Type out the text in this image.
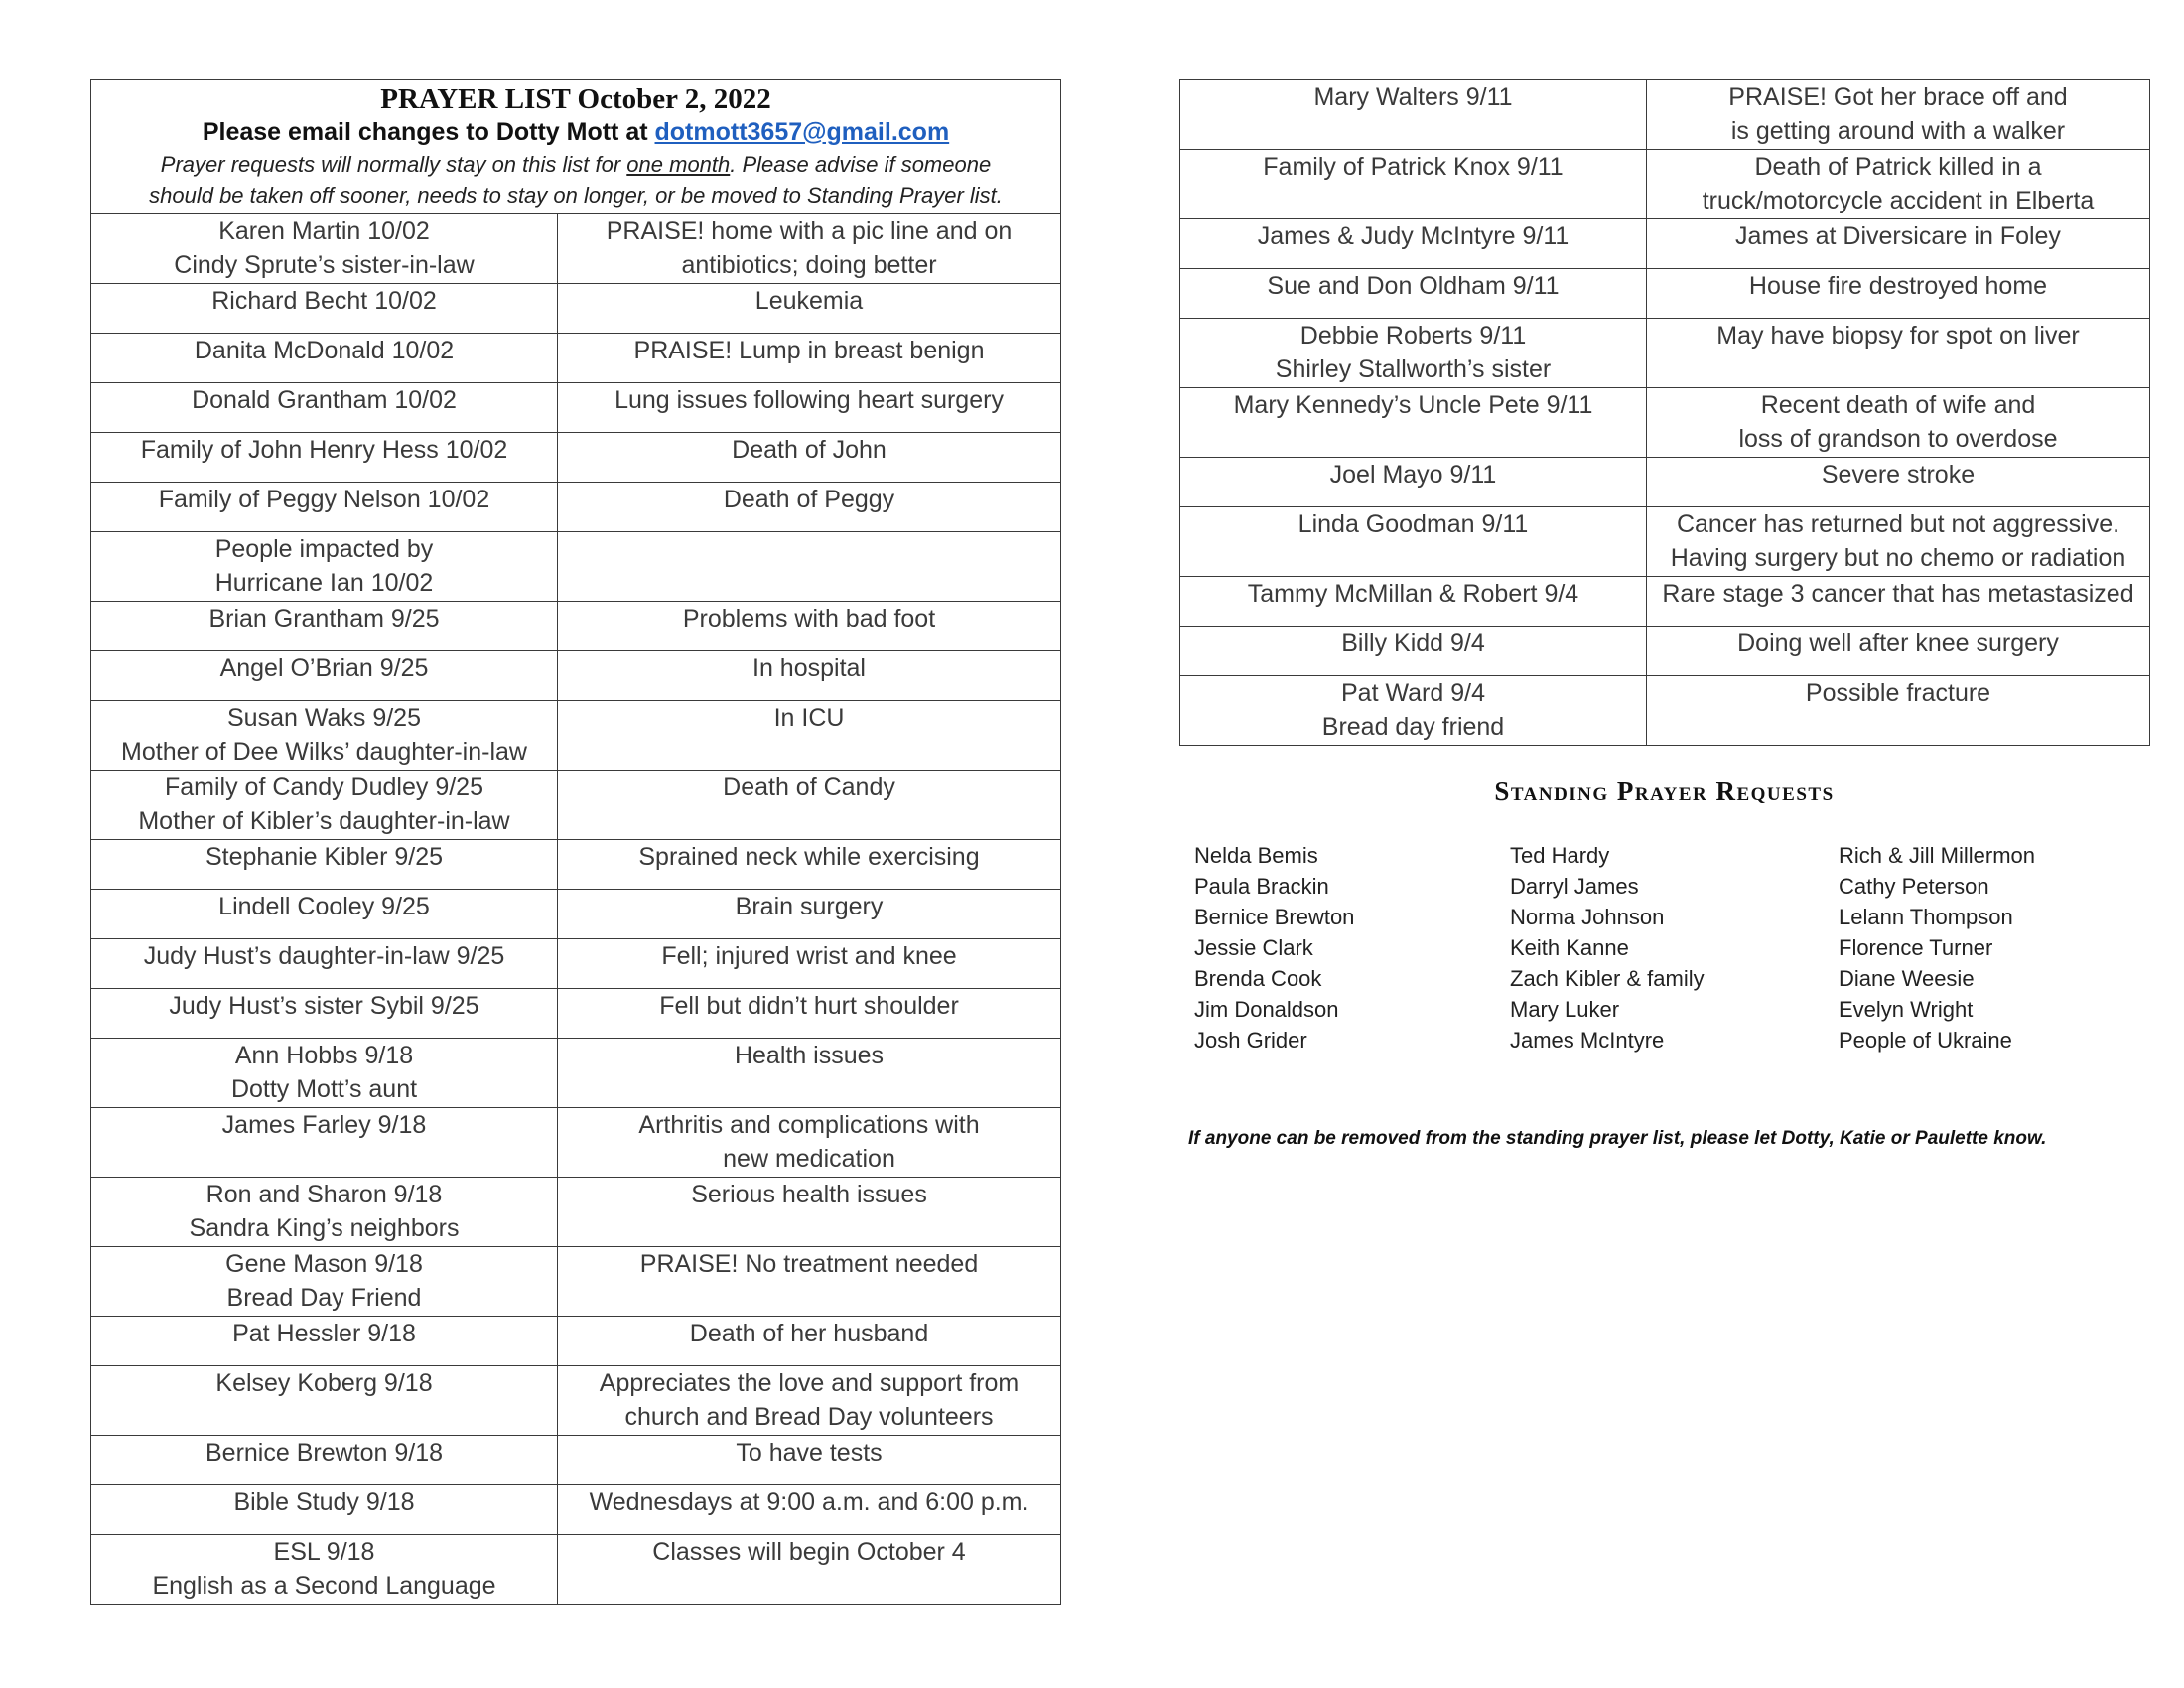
PRAYER LIST October 2, 2022
Please email changes to Dotty Mott at dotmott3657@gmail.com
Prayer requests will normally stay on this list for one month. Please advise if someone
should be taken off sooner, needs to stay on longer, or be moved to Standing Prayer list.	

Karen Martin 10/02
Cindy Sprute’s sister-in-law	PRAISE! home with a pic line and on
antibiotics; doing better

Richard Becht 10/02	Leukemia

Danita McDonald 10/02	PRAISE! Lump in breast benign

Donald Grantham 10/02	Lung issues following heart surgery

Family of John Henry Hess 10/02	Death of John

Family of Peggy Nelson 10/02	Death of Peggy

People impacted by
Hurricane Ian 10/02	

Brian Grantham 9/25	Problems with bad foot

Angel O’Brian 9/25	In hospital

Susan Waks 9/25
Mother of Dee Wilks’ daughter-in-law	In ICU

Family of Candy Dudley 9/25
Mother of Kibler’s daughter-in-law	Death of Candy

Stephanie Kibler 9/25	Sprained neck while exercising

Lindell Cooley 9/25	Brain surgery

Judy Hust’s daughter-in-law 9/25	Fell; injured wrist and knee

Judy Hust’s sister Sybil 9/25	Fell but didn’t hurt shoulder

Ann Hobbs 9/18
Dotty Mott’s aunt	Health issues

James Farley 9/18	Arthritis and complications with
new medication

Ron and Sharon 9/18
Sandra King’s neighbors	Serious health issues

Gene Mason 9/18
Bread Day Friend	PRAISE! No treatment needed

Pat Hessler 9/18	Death of her husband

Kelsey Koberg 9/18	Appreciates the love and support from
church and Bread Day volunteers

Bernice Brewton 9/18	To have tests

Bible Study 9/18	Wednesdays at 9:00 a.m. and 6:00 p.m.

ESL 9/18
English as a Second Language	Classes will begin October 4
Mary Walters 9/11	PRAISE! Got her brace off and
is getting around with a walker

Family of Patrick Knox 9/11	Death of Patrick killed in a
truck/motorcycle accident in Elberta

James & Judy McIntyre 9/11	James at Diversicare in Foley

Sue and Don Oldham 9/11	House fire destroyed home

Debbie Roberts 9/11
Shirley Stallworth’s sister	May have biopsy for spot on liver

Mary Kennedy’s Uncle Pete 9/11	Recent death of wife and
loss of grandson to overdose

Joel Mayo 9/11	Severe stroke

Linda Goodman 9/11	Cancer has returned but not aggressive.
Having surgery but no chemo or radiation

Tammy McMillan & Robert 9/4	Rare stage 3 cancer that has metastasized

Billy Kidd 9/4	Doing well after knee surgery

Pat Ward 9/4
Bread day friend	Possible fracture
Standing Prayer Requests
Nelda Bemis
Paula Brackin
Bernice Brewton
Jessie Clark
Brenda Cook
Jim Donaldson
Josh Grider
Ted Hardy
Darryl James
Norma Johnson
Keith Kanne
Zach Kibler & family
Mary Luker
James McIntyre
Rich & Jill Millermon
Cathy Peterson
Lelann Thompson
Florence Turner
Diane Weesie
Evelyn Wright
People of Ukraine
If anyone can be removed from the standing prayer list, please let Dotty, Katie or Paulette know.
